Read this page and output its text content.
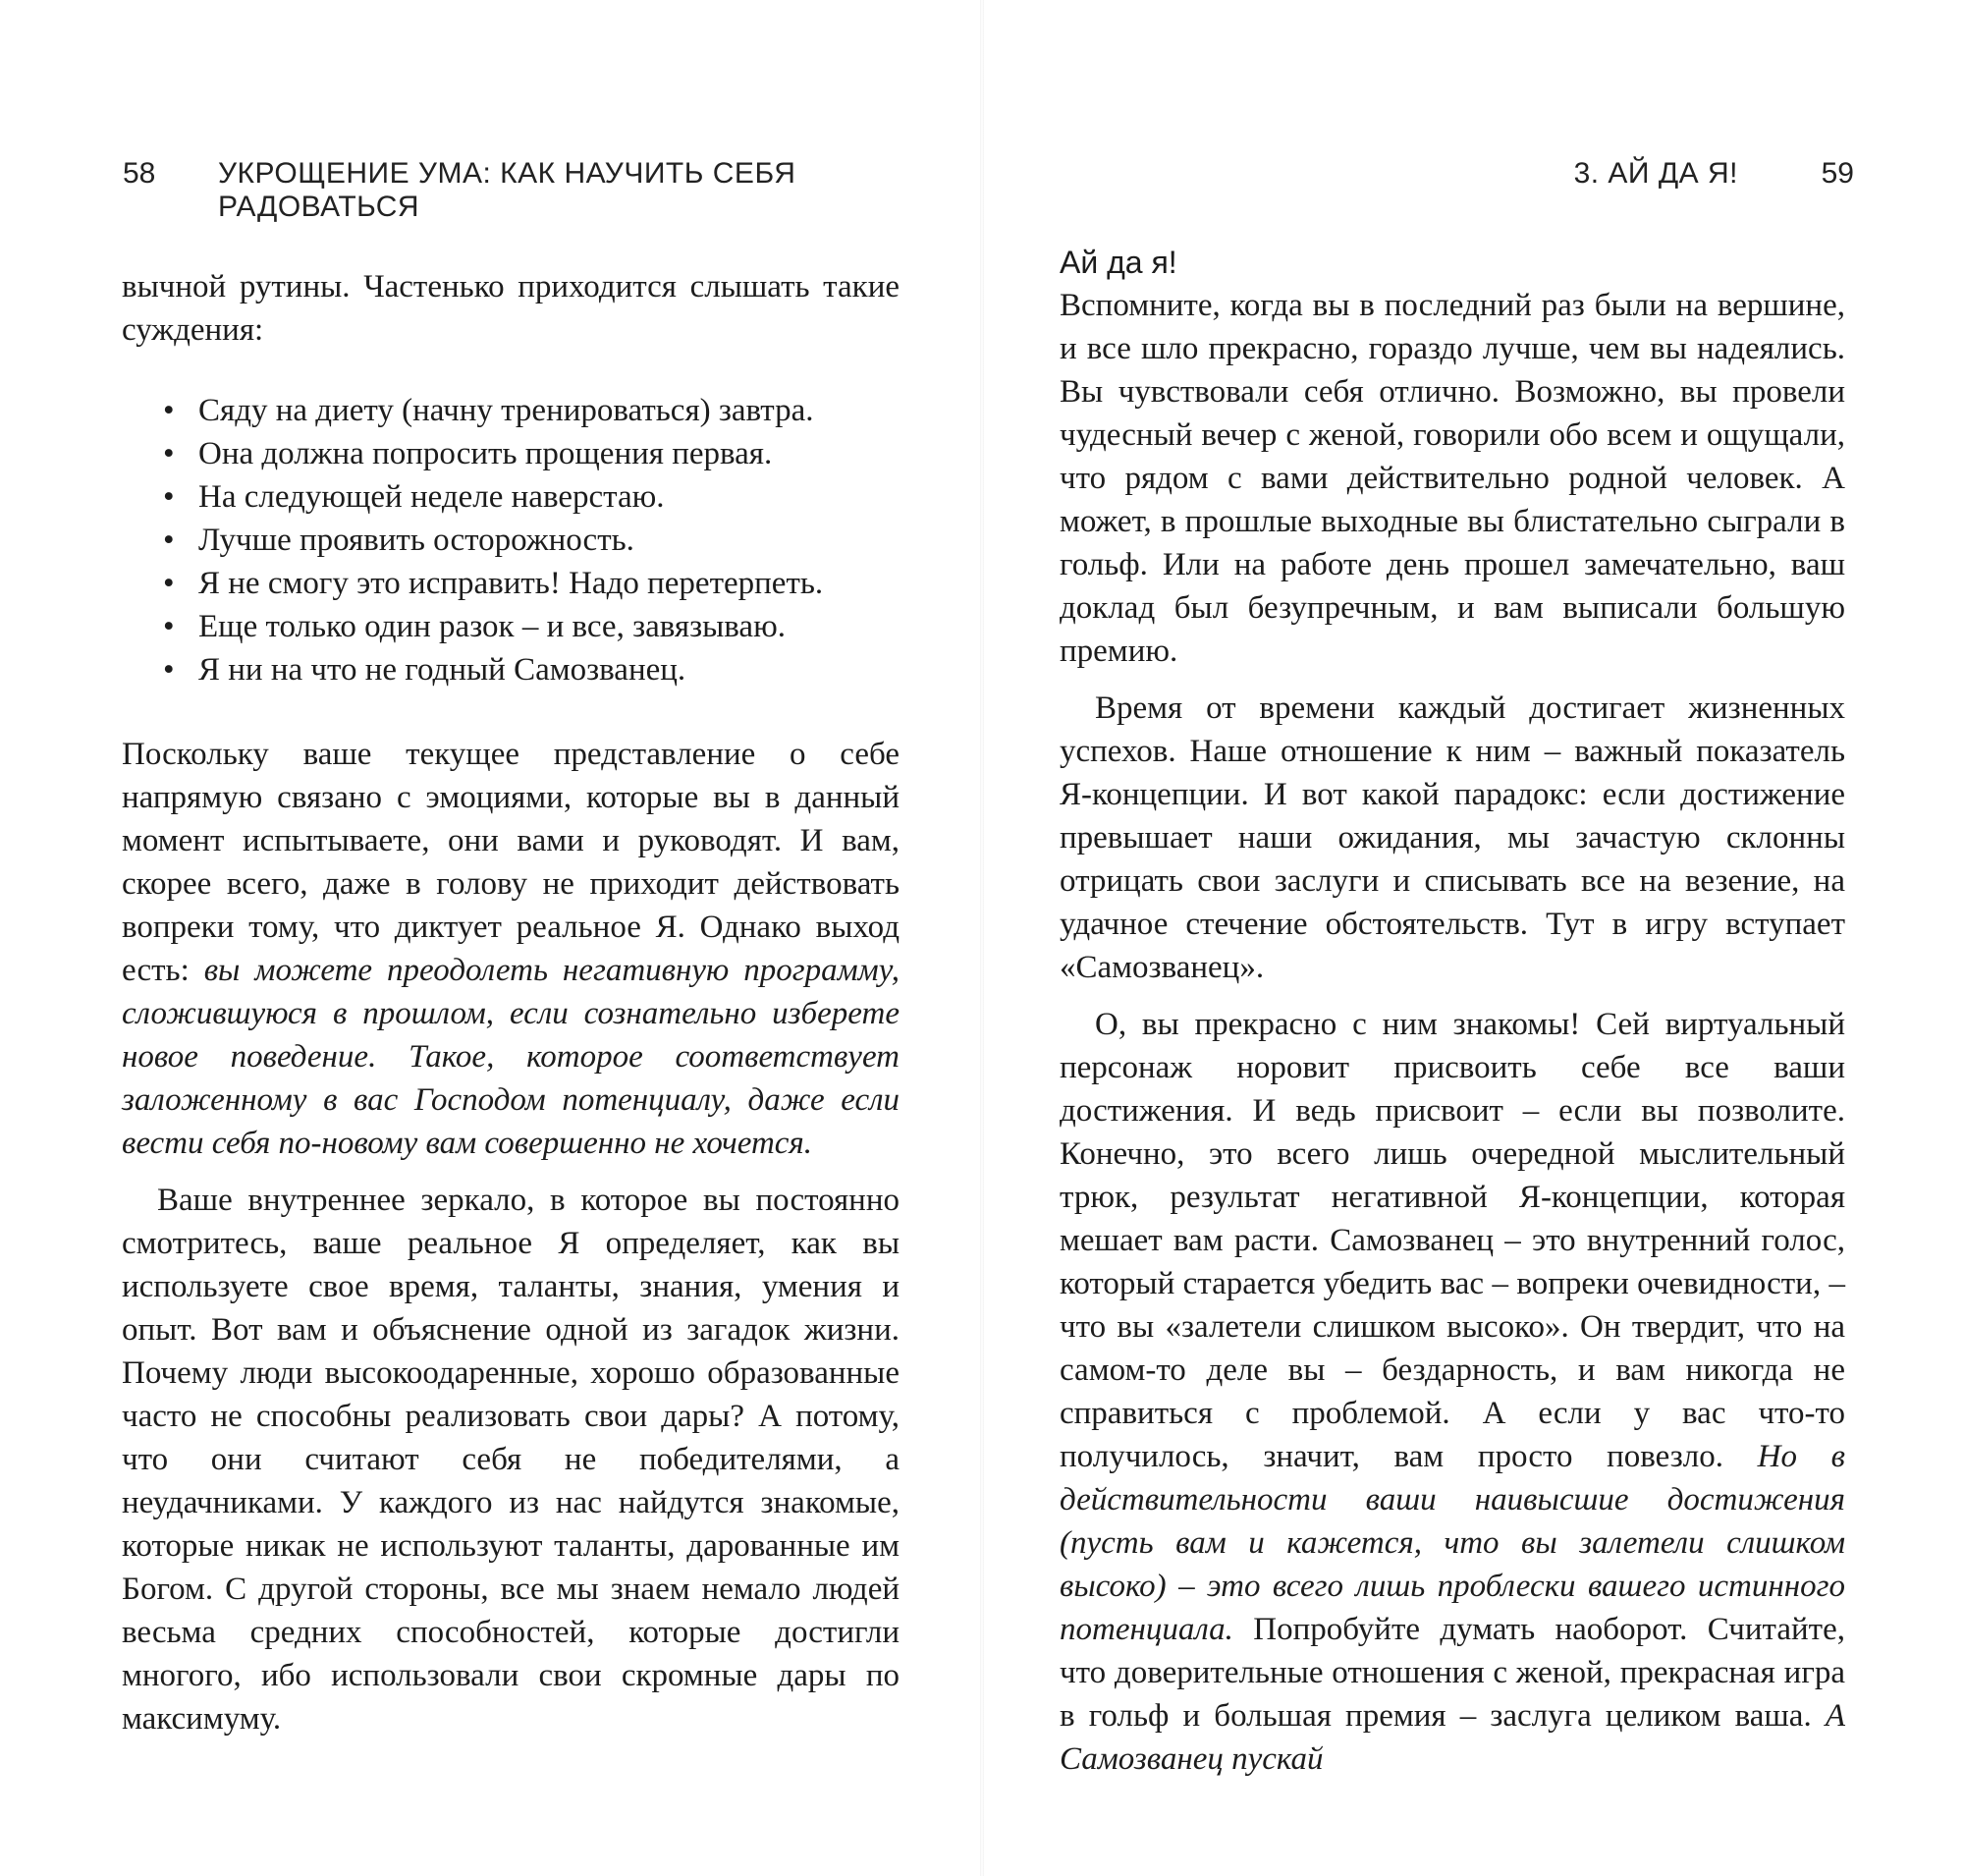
58 УКРОЩЕНИЕ УМА: КАК НАУЧИТЬ СЕБЯ РАДОВАТЬСЯ

вычной рутины. Частенько приходится слышать такие суждения:

• Сяду на диету (начну тренироваться) завтра.
• Она должна попросить прощения первая.
• На следующей неделе наверстаю.
• Лучше проявить осторожность.
• Я не смогу это исправить! Надо перетерпеть.
• Еще только один разок – и все, завязываю.
• Я ни на что не годный Самозванец.

Поскольку ваше текущее представление о себе напрямую связано с эмоциями, которые вы в данный момент испытываете, они вами и руководят. И вам, скорее всего, даже в голову не приходит действовать вопреки тому, что диктует реальное Я. Однако выход есть: вы можете преодолеть негативную программу, сложившуюся в прошлом, если сознательно изберете новое поведение. Такое, которое соответствует заложенному в вас Господом потенциалу, даже если вести себя по-новому вам совершенно не хочется.

Ваше внутреннее зеркало, в которое вы постоянно смотритесь, ваше реальное Я определяет, как вы используете свое время, таланты, знания, умения и опыт. Вот вам и объяснение одной из загадок жизни. Почему люди высокоодаренные, хорошо образованные часто не способны реализовать свои дары? А потому, что они считают себя не победителями, а неудачниками. У каждого из нас найдутся знакомые, которые никак не используют таланты, дарованные им Богом. С другой стороны, все мы знаем немало людей весьма средних способностей, которые достигли многого, ибо использовали свои скромные дары по максимуму.

3. АЙ ДА Я!	59
Ай да я!

Вспомните, когда вы в последний раз были на вершине, и все шло прекрасно, гораздо лучше, чем вы надеялись. Вы чувствовали себя отлично. Возможно, вы провели чудесный вечер с женой, говорили обо всем и ощущали, что рядом с вами действительно родной человек. А может, в прошлые выходные вы блистательно сыграли в гольф. Или на работе день прошел замечательно, ваш доклад был безупречным, и вам выписали большую премию.

Время от времени каждый достигает жизненных успехов. Наше отношение к ним – важный показатель Я-концепции. И вот какой парадокс: если достижение превышает наши ожидания, мы зачастую склонны отрицать свои заслуги и списывать все на везение, на удачное стечение обстоятельств. Тут в игру вступает «Самозванец».

О, вы прекрасно с ним знакомы! Сей виртуальный персонаж норовит присвоить себе все ваши достижения. И ведь присвоит – если вы позволите. Конечно, это всего лишь очередной мыслительный трюк, результат негативной Я-концепции, которая мешает вам расти. Самозванец – это внутренний голос, который старается убедить вас – вопреки очевидности, – что вы «залетели слишком высоко». Он твердит, что на самом-то деле вы – бездарность, и вам никогда не справиться с проблемой. А если у вас что-то получилось, значит, вам просто повезло. Но в действительности ваши наивысшие достижения (пусть вам и кажется, что вы залетели слишком высоко) – это всего лишь проблески вашего истинного потенциала. Попробуйте думать наоборот. Считайте, что доверительные отношения с женой, прекрасная игра в гольф и большая премия – заслуга целиком ваша. А Самозванец пускай
